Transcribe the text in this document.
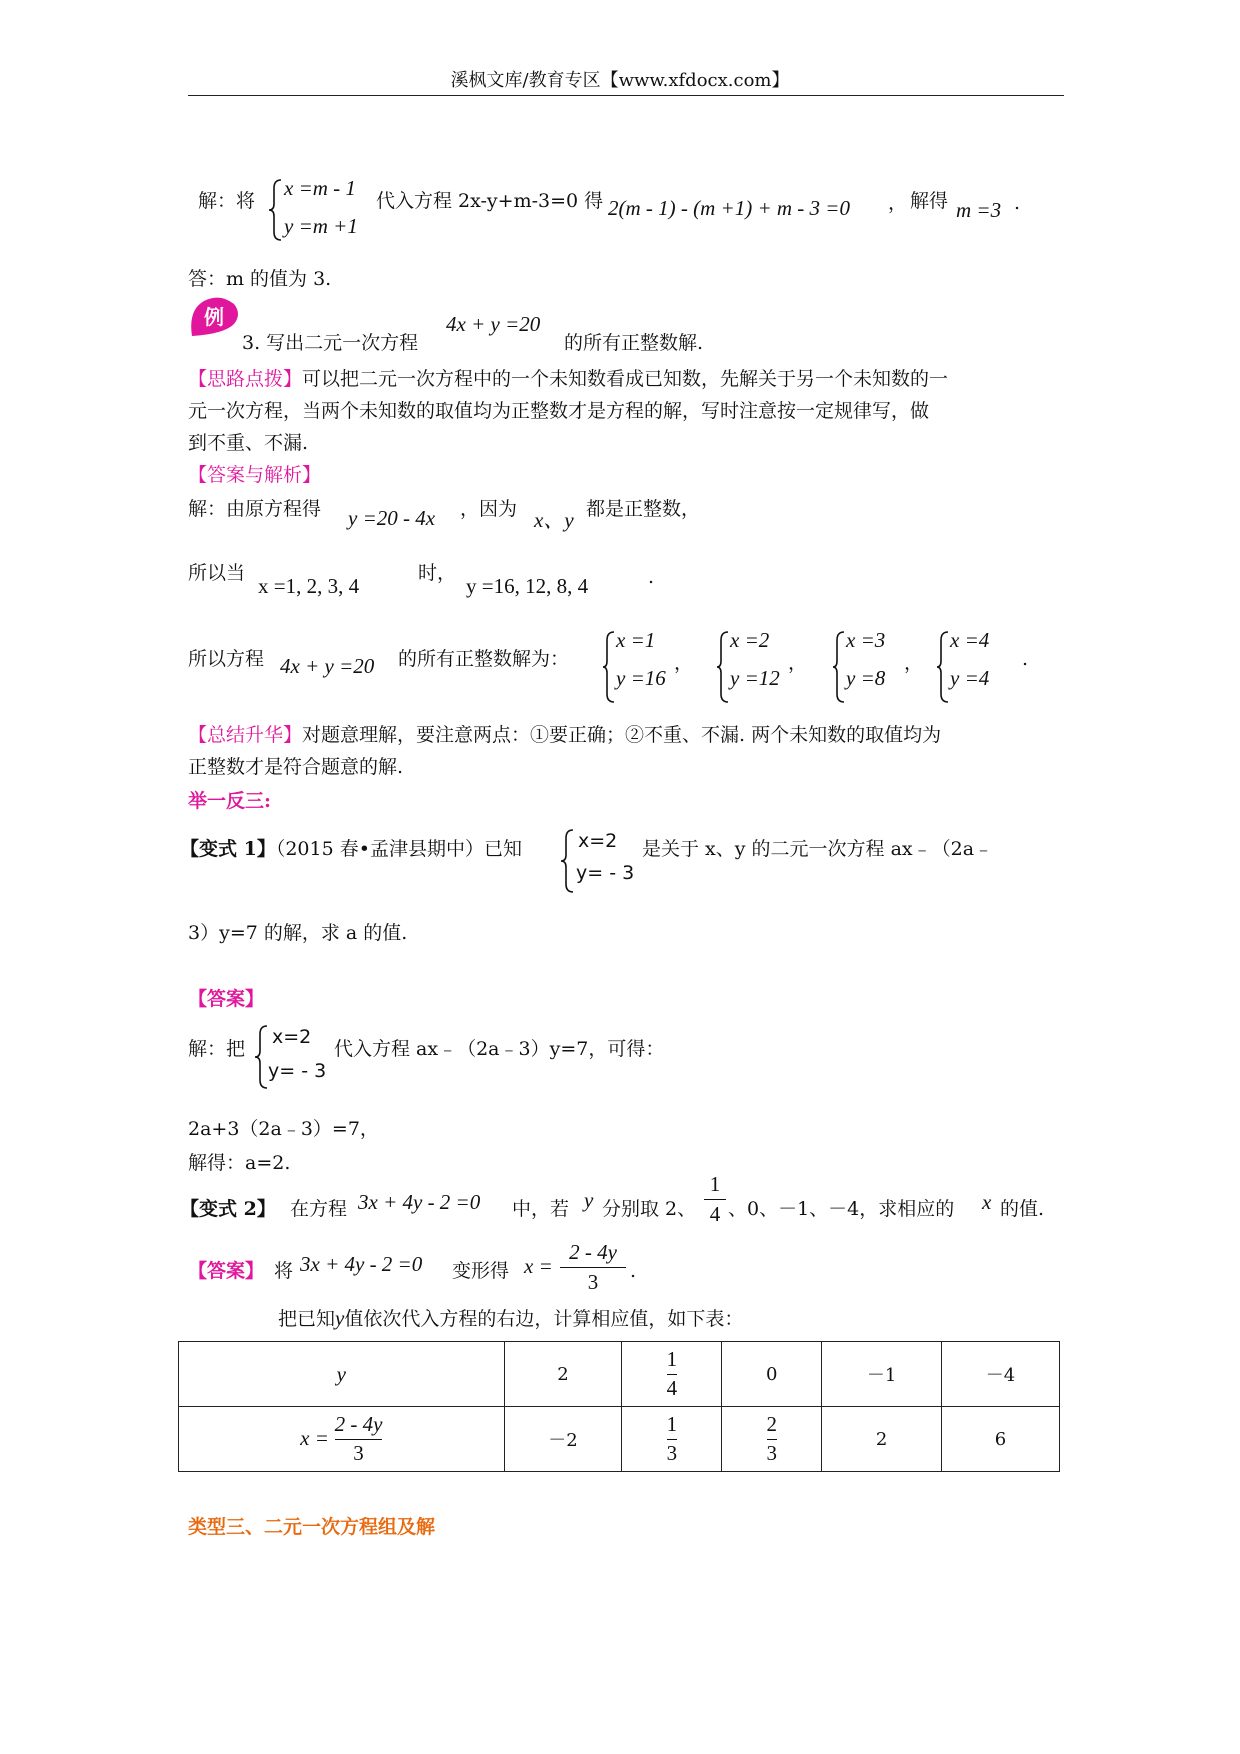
溪枫文库/教育专区【www.xfdocx.com】
解：将
x =m - 1
y =m +1
代入方程 2x-y+m-3=0 得 2(m - 1) - (m +1) + m - 3 =0 ， 解得 m =3 .
答：m 的值为 3.
例
3. 写出二元一次方程
4x + y =20
的所有正整数解.
【思路点拨】可以把二元一次方程中的一个未知数看成已知数，先解关于另一个未知数的一
元一次方程，当两个未知数的取值均为正整数才是方程的解，写时注意按一定规律写，做
到不重、不漏.
【答案与解析】
解：由原方程得 y =20 - 4x ，因为 x、y 都是正整数，
所以当
x =1, 2, 3, 4
时，
y =16, 12, 8, 4	.
所以方程 4x + y =20 的所有正整数解为：
x =1
y =16
，
x =2
y =12
，
x =3
y =8
，
x =4
y =4
.
【总结升华】对题意理解，要注意两点：①要正确；②不重、不漏. 两个未知数的取值均为
正整数才是符合题意的解.
举一反三:
【变式 1】（2015 春•孟津县期中）已知	x=2
y= - 3
是关于 x、y 的二元一次方程 ax﹣（2a﹣
3）y=7 的解，求 a 的值.
【答案】
解：把
x=2
y= - 3
代入方程 ax﹣（2a﹣3）y=7，可得：
2a+3（2a﹣3）=7，
解得：a=2.
【变式 2】 在方程 3x + 4y - 2 =0 中，若 y 分别取 2、
1
4 、0、－1、－4，求相应的 x 的值.
【答案】 将 3x + 4y - 2 =0 变形得 x =
2 - 4y
3	.
把已知y值依次代入方程的右边，计算相应值，如下表：
y	2	$\frac{1}{4}$	0	－1	－4
$x = \frac{2 - 4y}{3}$	－2	$\frac{1}{3}$	$\frac{2}{3}$	2	6
类型三、二元一次方程组及解
